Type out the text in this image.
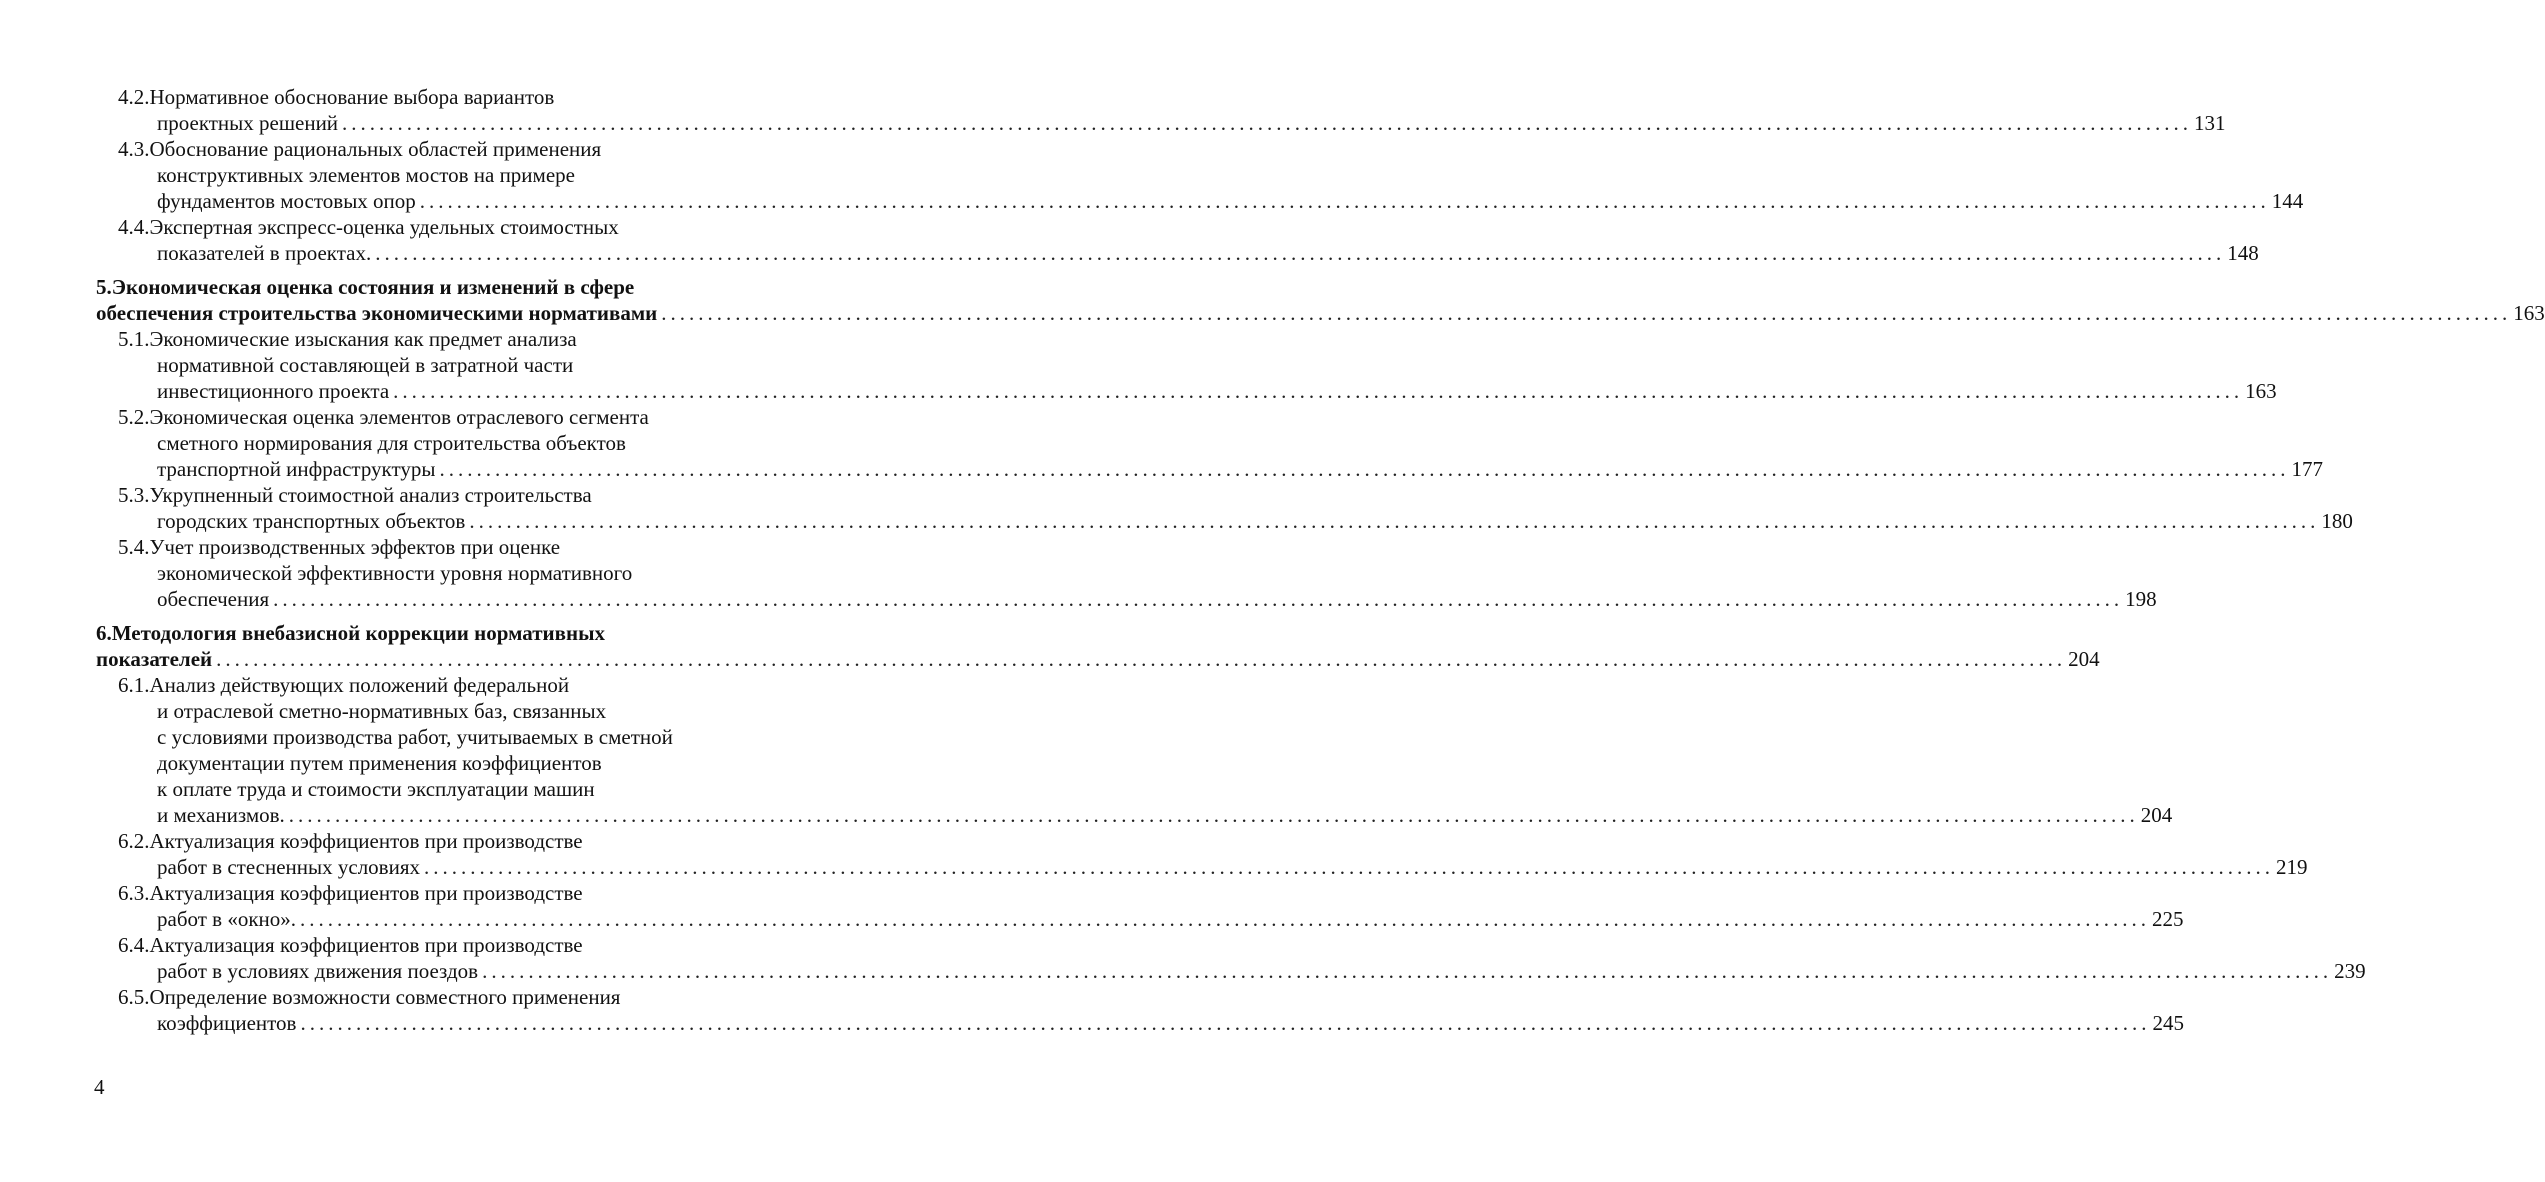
4.2.Нормативное обоснование выбора вариантов
проектных решений ........................................................................................................................................................................................................ 131
4.3.Обоснование рациональных областей применения
конструктивных элементов мостов на примере
фундаментов мостовых опор ........................................................................................................................................................................................................ 144
4.4.Экспертная экспресс-оценка удельных стоимостных
показателей в проектах. ........................................................................................................................................................................................................ 148
5.Экономическая оценка состояния и изменений в сфере
обеспечения строительства экономическими нормативами ........................................................................................................................................................................................................ 163
5.1.Экономические изыскания как предмет анализа
нормативной составляющей в затратной части
инвестиционного проекта ........................................................................................................................................................................................................ 163
5.2.Экономическая оценка элементов отраслевого сегмента
сметного нормирования для строительства объектов
транспортной инфраструктуры ........................................................................................................................................................................................................ 177
5.3.Укрупненный стоимостной анализ строительства
городских транспортных объектов ........................................................................................................................................................................................................ 180
5.4.Учет производственных эффектов при оценке
экономической эффективности уровня нормативного
обеспечения ........................................................................................................................................................................................................ 198
6.Методология внебазисной коррекции нормативных
показателей ........................................................................................................................................................................................................ 204
6.1.Анализ действующих положений федеральной
и отраслевой сметно-нормативных баз, связанных
с условиями производства работ, учитываемых в сметной
документации путем применения коэффициентов
к оплате труда и стоимости эксплуатации машин
и механизмов. ........................................................................................................................................................................................................ 204
6.2.Актуализация коэффициентов при производстве
работ в стесненных условиях ........................................................................................................................................................................................................ 219
6.3.Актуализация коэффициентов при производстве
работ в «окно». ........................................................................................................................................................................................................ 225
6.4.Актуализация коэффициентов при производстве
работ в условиях движения поездов ........................................................................................................................................................................................................ 239
6.5.Определение возможности совместного применения
коэффициентов ........................................................................................................................................................................................................ 245
4
